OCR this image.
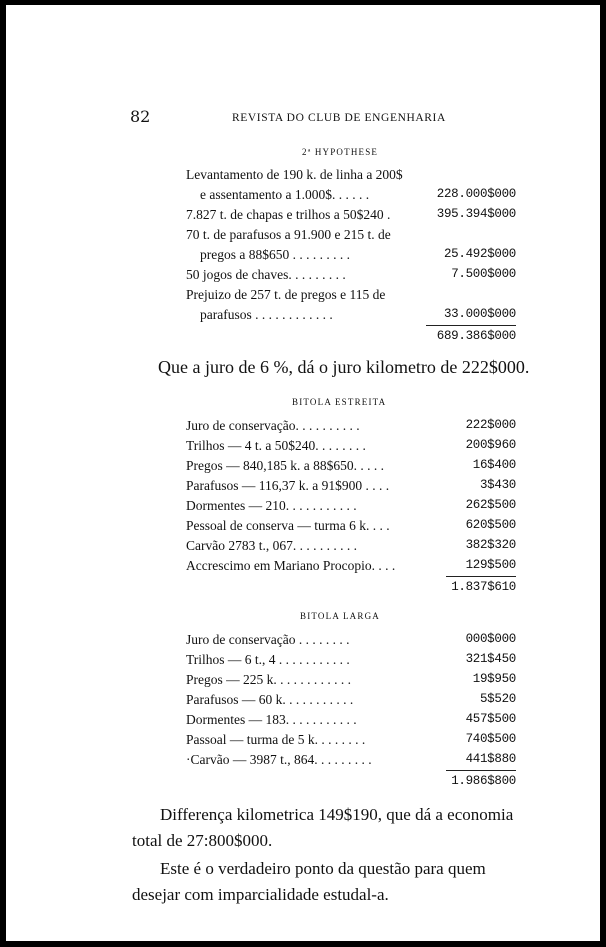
82	REVISTA DO CLUB DE ENGENHARIA
2ª HYPOTHESE
Levantamento de 190 k. de linha a 200$
e assentamento a 1.000$. . . . . .	228.000$000
7.827 t. de chapas e trilhos a 50$240 .	395.394$000
70 t. de parafusos a 91.900 e 215 t. de
pregos a 88$650 . . . . . . . . .	25.492$000
50 jogos de chaves. . . . . . . . .	7.500$000
Prejuizo de 257 t. de pregos e 115 de
parafusos . . . . . . . . . . . .	33.000$000
689.386$000
Que a juro de 6 %, dá o juro kilometro de 222$000.
BITOLA ESTREITA
Juro de conservação. . . . . . . . . .	222$000
Trilhos — 4 t. a 50$240. . . . . . . .	200$960
Pregos — 840,185 k. a 88$650. . . . .	16$400
Parafusos — 116,37 k. a 91$900 . . . .	3$430
Dormentes — 210. . . . . . . . . . .	262$500
Pessoal de conserva — turma 6 k. . . .	620$500
Carvão 2783 t., 067. . . . . . . . . .	382$320
Accrescimo em Mariano Procopio. . . .	129$500
1.837$610
BITOLA LARGA
Juro de conservação . . . . . . . .	000$000
Trilhos — 6 t., 4 . . . . . . . . . . .	321$450
Pregos — 225 k. . . . . . . . . . . .	19$950
Parafusos — 60 k. . . . . . . . . . .	5$520
Dormentes — 183. . . . . . . . . . .	457$500
Passoal — turma de 5 k. . . . . . . .	740$500
·Carvão — 3987 t., 864. . . . . . . . .	441$880
1.986$800
Differença kilometrica 149$190, que dá a economia
total de 27:800$000.
Este é o verdadeiro ponto da questão para quem
desejar com imparcialidade estudal-a.
